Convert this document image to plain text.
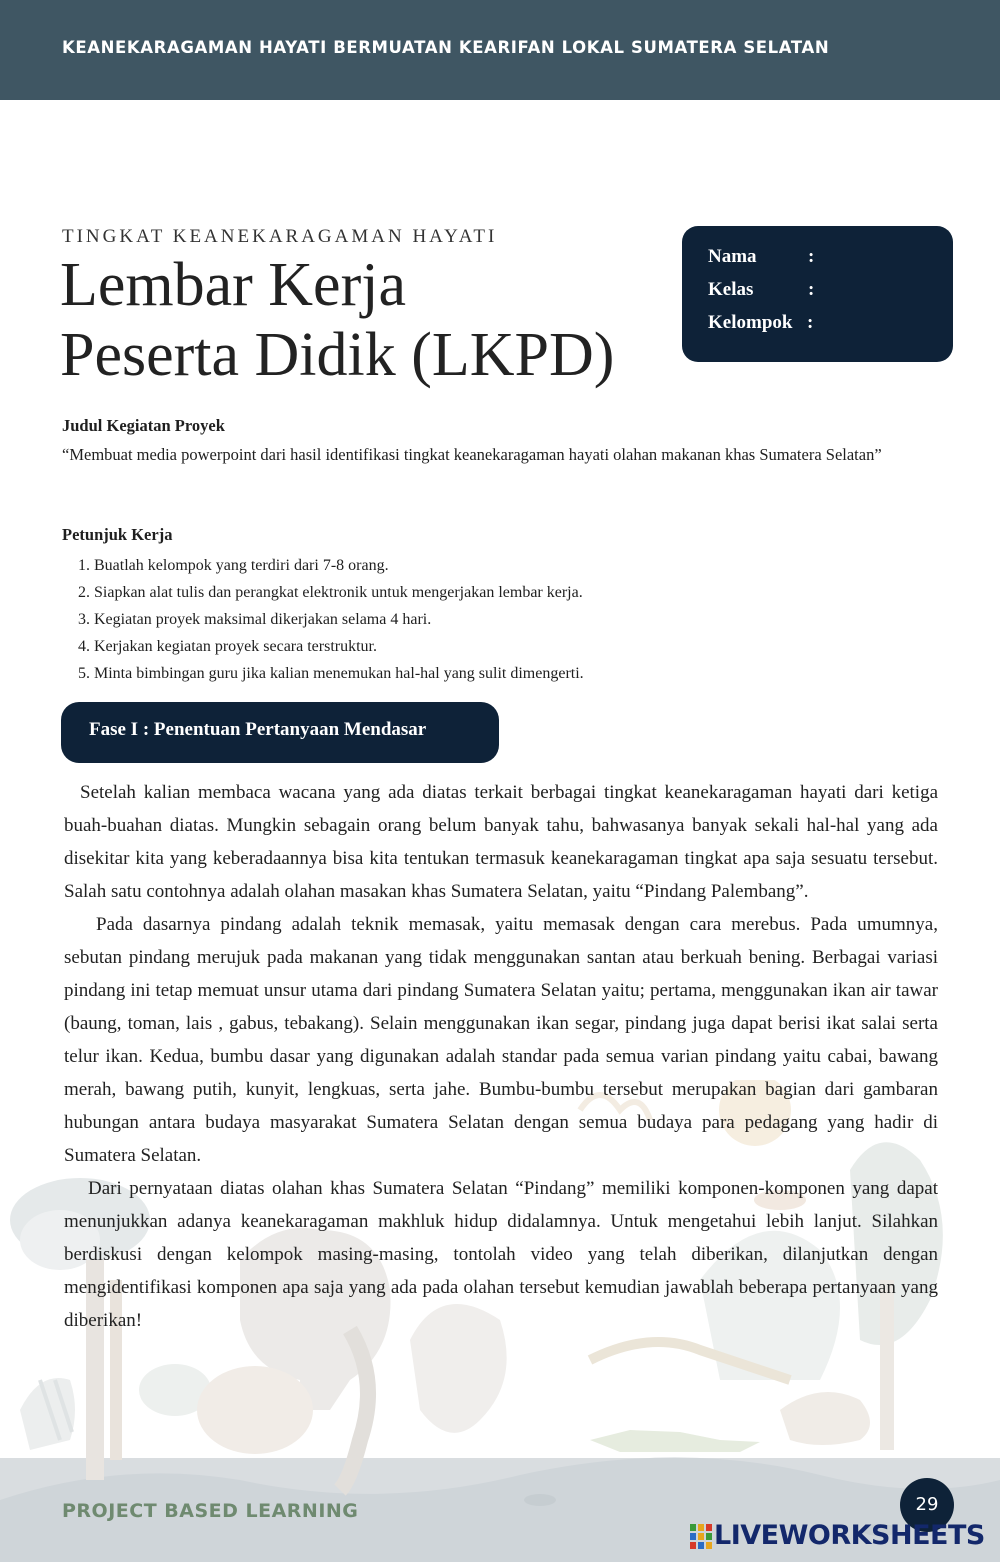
KEANEKARAGAMAN HAYATI BERMUATAN KEARIFAN LOKAL SUMATERA SELATAN
TINGKAT KEANEKARAGAMAN HAYATI
Lembar Kerja
Peserta Didik (LKPD)
Nama	:
Kelas	:
Kelompok :
Judul Kegiatan Proyek
“Membuat media powerpoint dari hasil identifikasi tingkat keanekaragaman hayati olahan makanan khas Sumatera Selatan”
Petunjuk Kerja
1. Buatlah kelompok yang terdiri dari 7-8 orang.
2. Siapkan alat tulis dan perangkat elektronik untuk mengerjakan lembar kerja.
3. Kegiatan proyek maksimal dikerjakan selama 4 hari.
4. Kerjakan kegiatan proyek secara terstruktur.
5. Minta bimbingan guru jika kalian menemukan hal-hal yang sulit dimengerti.
Fase I : Penentuan Pertanyaan Mendasar

Setelah kalian membaca wacana yang ada diatas terkait berbagai tingkat keanekaragaman hayati dari ketiga buah-buahan diatas. Mungkin sebagain orang belum banyak tahu, bahwasanya banyak sekali hal-hal yang ada disekitar kita yang keberadaannya bisa kita tentukan termasuk keanekaragaman tingkat apa saja sesuatu tersebut. Salah satu contohnya adalah olahan masakan khas Sumatera Selatan, yaitu “Pindang Palembang”.

Pada dasarnya pindang adalah teknik memasak, yaitu memasak dengan cara merebus. Pada umumnya, sebutan pindang merujuk pada makanan yang tidak menggunakan santan atau berkuah bening. Berbagai variasi pindang ini tetap memuat unsur utama dari pindang Sumatera Selatan yaitu; pertama, menggunakan ikan air tawar (baung, toman, lais , gabus, tebakang). Selain menggunakan ikan segar, pindang juga dapat berisi ikat salai serta telur ikan. Kedua, bumbu dasar yang digunakan adalah standar pada semua varian pindang yaitu cabai, bawang merah, bawang putih, kunyit, lengkuas, serta jahe. Bumbu-bumbu tersebut merupakan bagian dari gambaran hubungan antara budaya masyarakat Sumatera Selatan dengan semua budaya para pedagang yang hadir di Sumatera Selatan.

Dari pernyataan diatas olahan khas Sumatera Selatan “Pindang” memiliki komponen-komponen yang dapat menunjukkan adanya keanekaragaman makhluk hidup didalamnya. Untuk mengetahui lebih lanjut. Silahkan berdiskusi dengan kelompok masing-masing, tontolah video yang telah diberikan, dilanjutkan dengan mengidentifikasi komponen apa saja yang ada pada olahan tersebut kemudian jawablah beberapa pertanyaan yang diberikan!

PROJECT BASED LEARNING	29
LIVEWORKSHEETS
